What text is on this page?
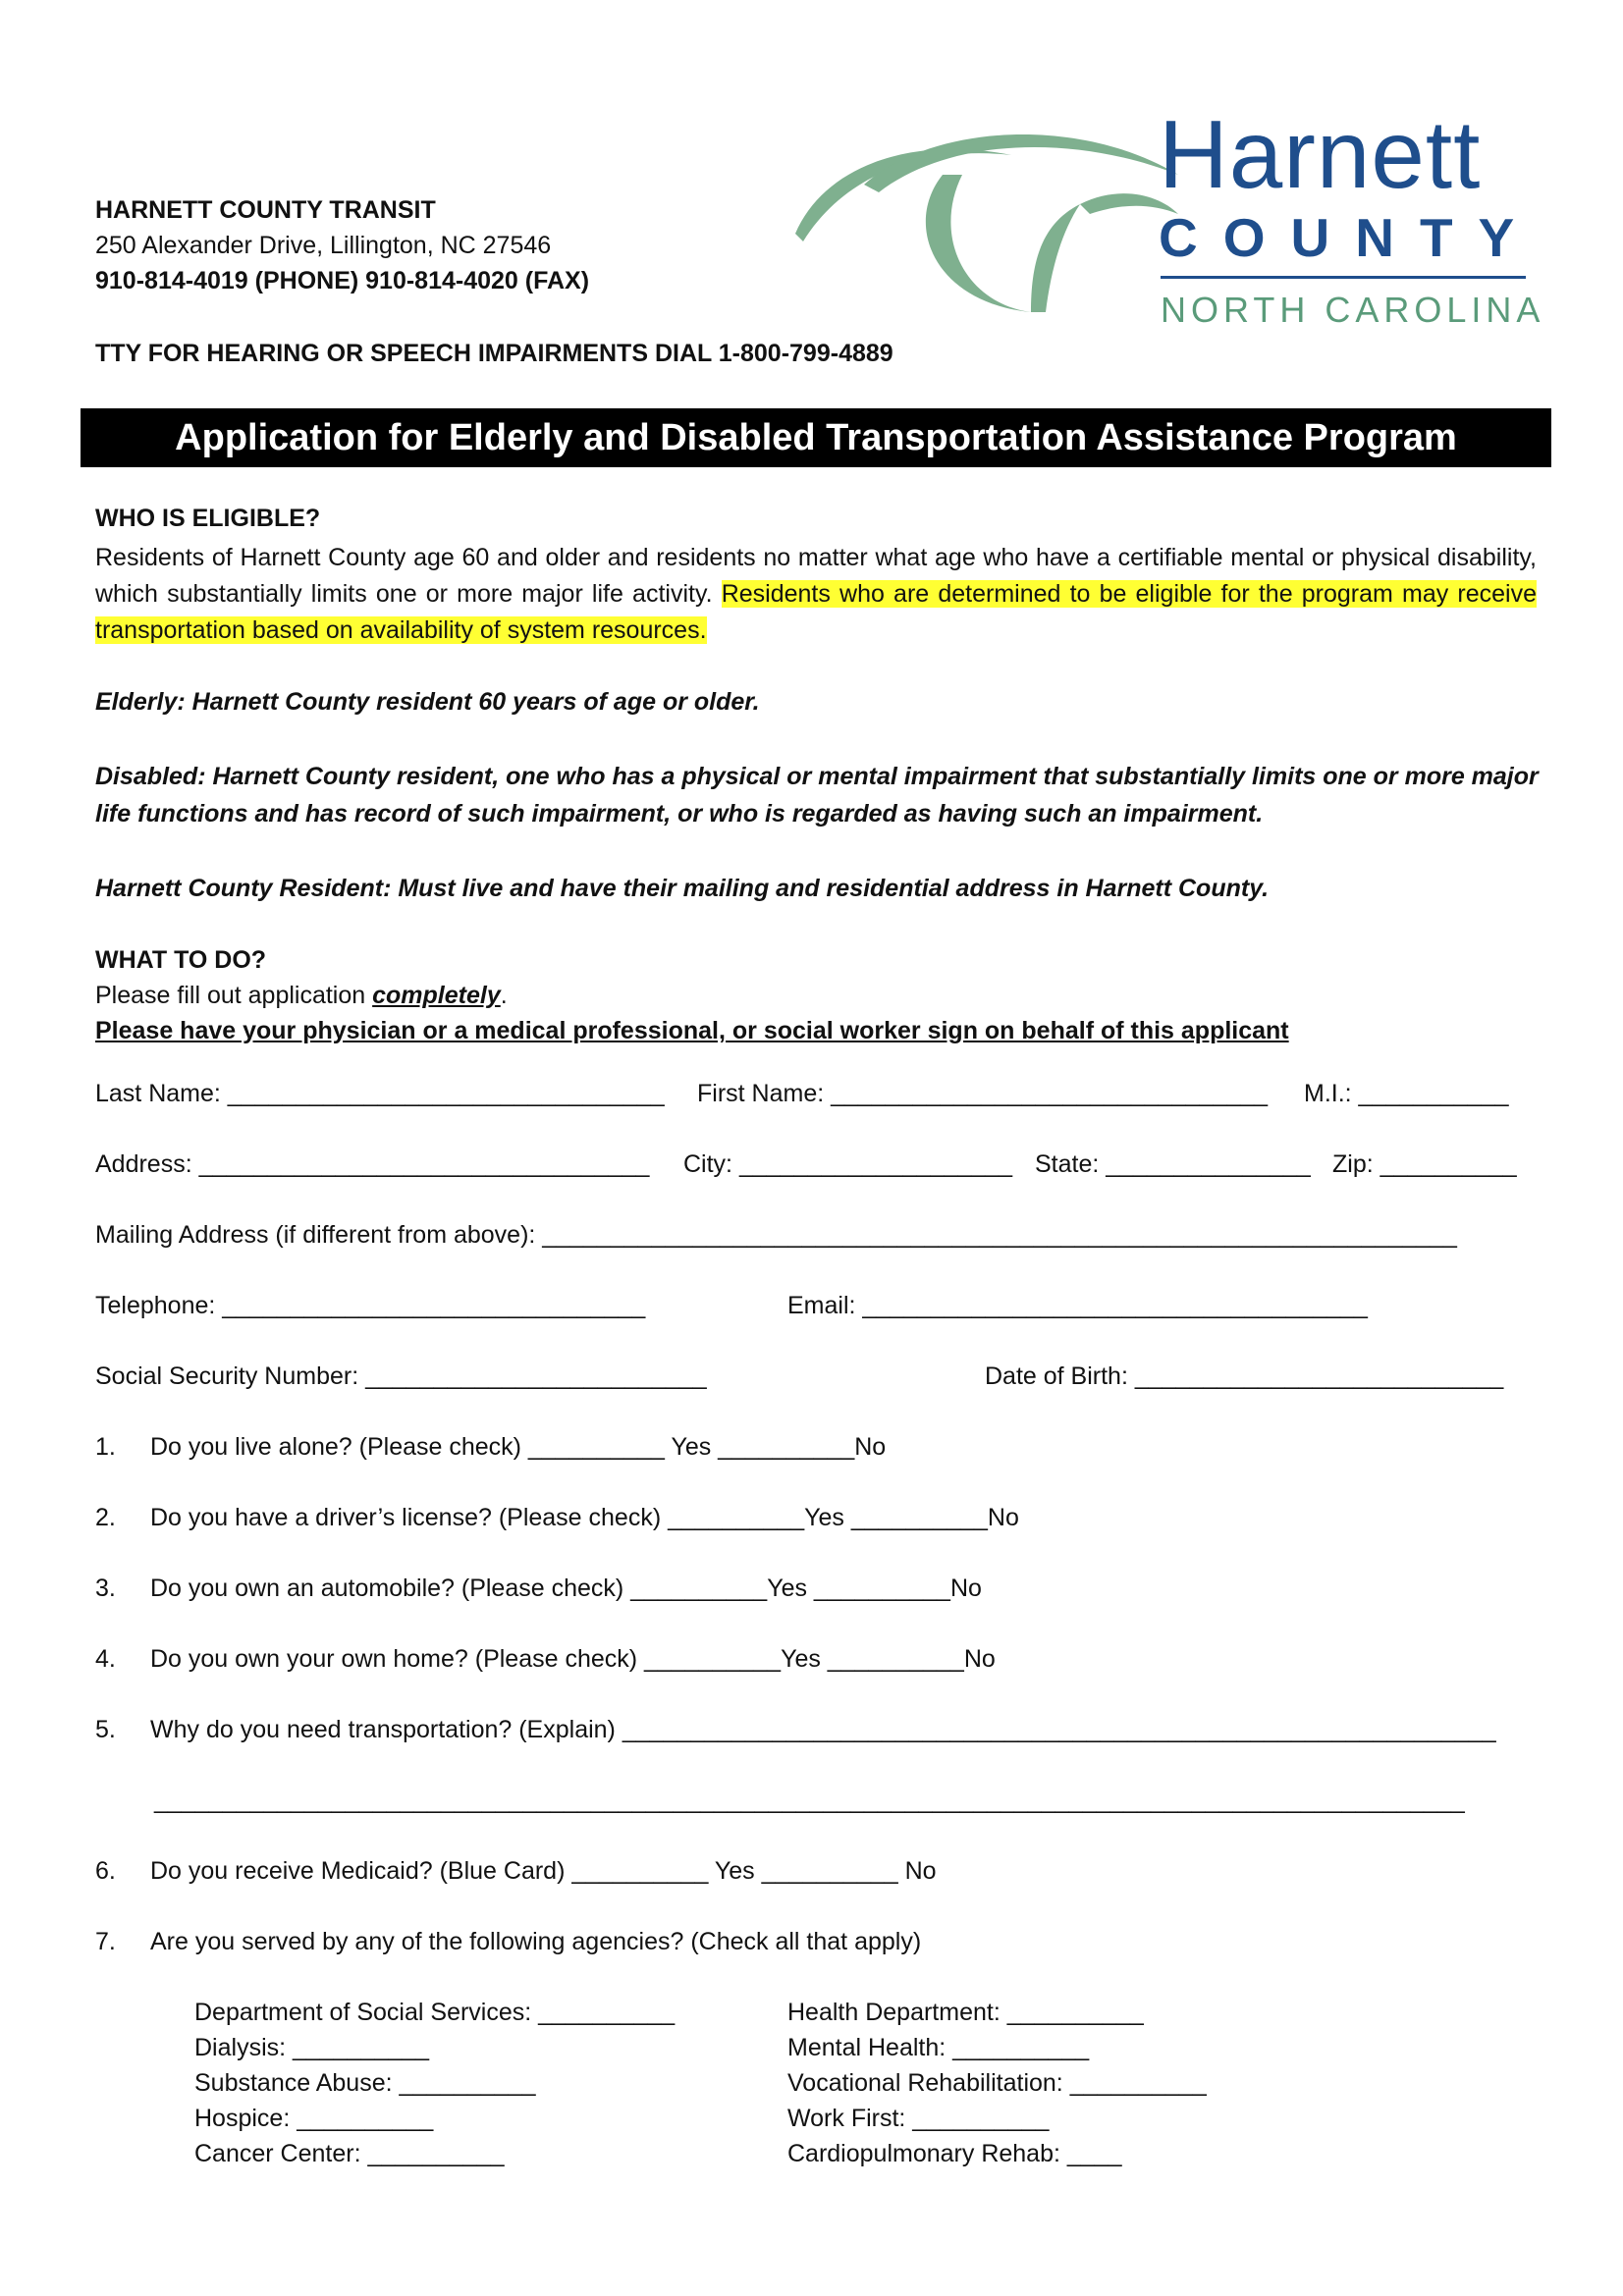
HARNETT COUNTY TRANSIT
250 Alexander Drive, Lillington, NC 27546
910-814-4019 (PHONE) 910-814-4020 (FAX)
TTY FOR HEARING OR SPEECH IMPAIRMENTS DIAL 1-800-799-4889
Harnett
COUNTY
NORTH CAROLINA
Application for Elderly and Disabled Transportation Assistance Program
WHO IS ELIGIBLE?
Residents of Harnett County age 60 and older and residents no matter what age who have a certifiable mental or physical disability, which substantially limits one or more major life activity. Residents who are determined to be eligible for the program may receive transportation based on availability of system resources.
Elderly: Harnett County resident 60 years of age or older.
Disabled: Harnett County resident, one who has a physical or mental impairment that substantially limits one or more major life functions and has record of such impairment, or who is regarded as having such an impairment.
Harnett County Resident: Must live and have their mailing and residential address in Harnett County.
WHAT TO DO?
Please fill out application completely.
Please have your physician or a medical professional, or social worker sign on behalf of this applicant
Last Name: ________________________________ First Name: ________________________________ M.I.: ___________
Address: _________________________________ City: ____________________ State: _______________ Zip: __________
Mailing Address (if different from above): ___________________________________________________________________
Telephone: _______________________________	Email: _____________________________________
Social Security Number: _________________________	Date of Birth: ___________________________
1. Do you live alone? (Please check) __________ Yes __________No
2. Do you have a driver’s license? (Please check) __________Yes __________No
3. Do you own an automobile? (Please check) __________Yes __________No
4. Do you own your own home? (Please check) __________Yes __________No
5. Why do you need transportation? (Explain) ________________________________________________________________
________________________________________________________________________________________________
6. Do you receive Medicaid? (Blue Card) __________ Yes __________ No
7. Are you served by any of the following agencies? (Check all that apply)
Department of Social Services: __________
Dialysis: __________
Substance Abuse: __________
Hospice: __________
Cancer Center: __________
Health Department: __________
Mental Health: __________
Vocational Rehabilitation: __________
Work First: __________
Cardiopulmonary Rehab: ____
